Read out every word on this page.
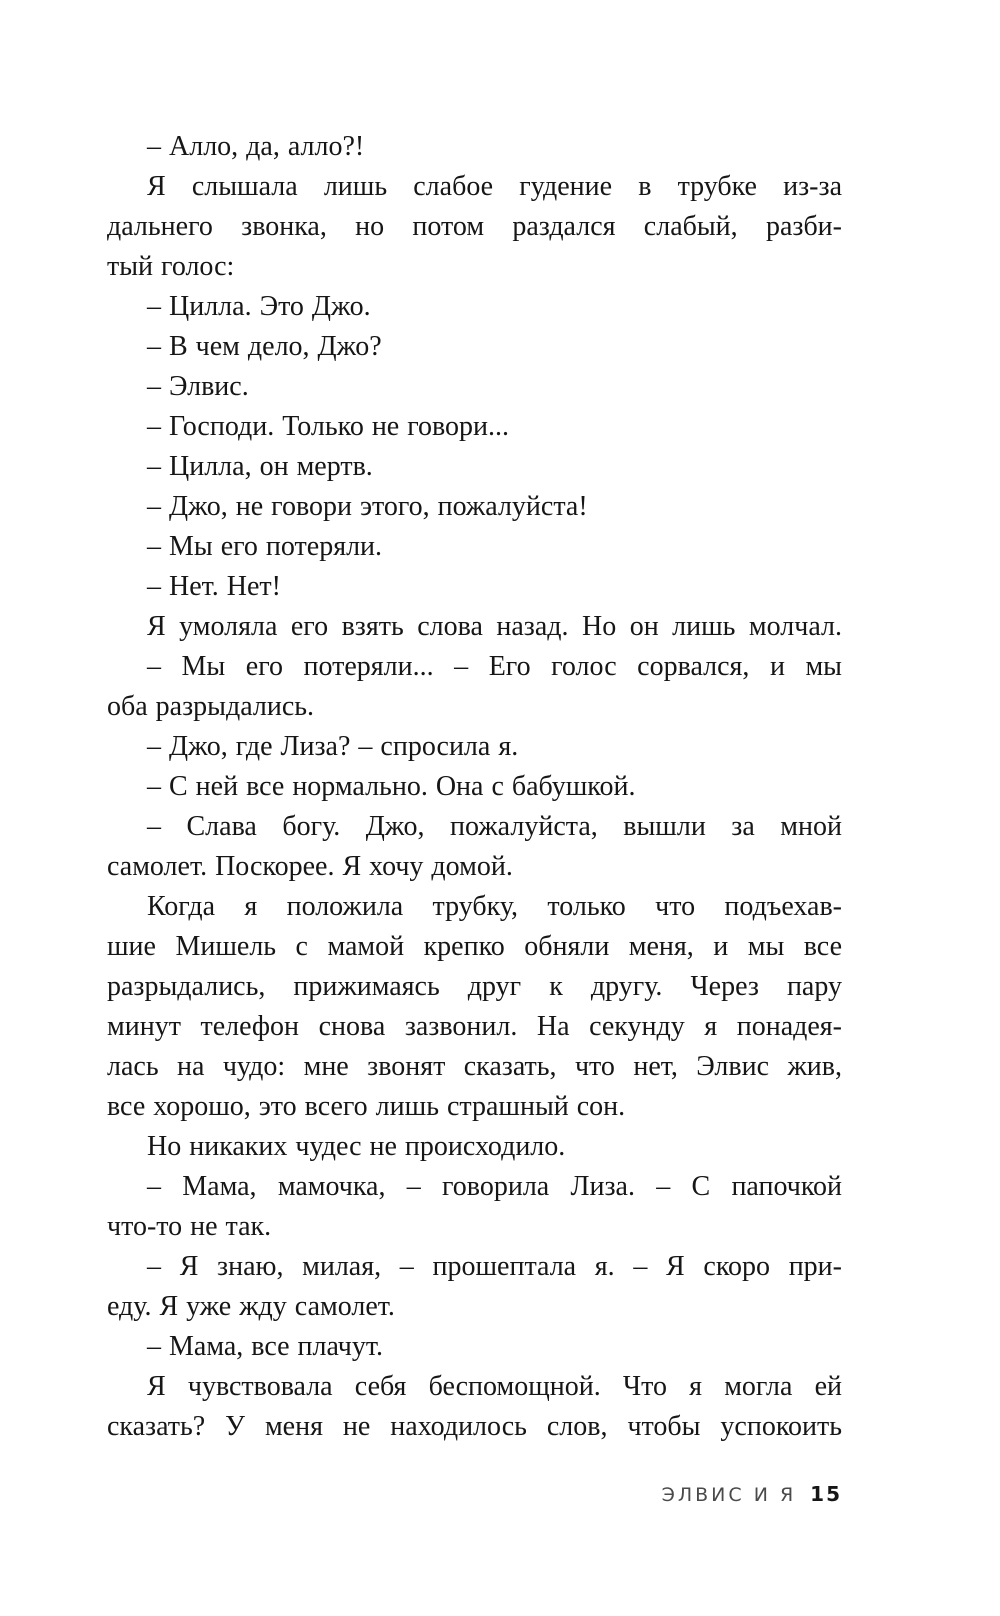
– Алло, да, алло?!
Я слышала лишь слабое гудение в трубке из-за
дальнего звонка, но потом раздался слабый, разби-
тый голос:
– Цилла. Это Джо.
– В чем дело, Джо?
– Элвис.
– Господи. Только не говори...
– Цилла, он мертв.
– Джо, не говори этого, пожалуйста!
– Мы его потеряли.
– Нет. Нет!
Я умоляла его взять слова назад. Но он лишь молчал.
– Мы его потеряли... – Его голос сорвался, и мы
оба разрыдались.
– Джо, где Лиза? – спросила я.
– С ней все нормально. Она с бабушкой.
– Слава богу. Джо, пожалуйста, вышли за мной
самолет. Поскорее. Я хочу домой.
Когда я положила трубку, только что подъехав-
шие Мишель с мамой крепко обняли меня, и мы все
разрыдались, прижимаясь друг к другу. Через пару
минут телефон снова зазвонил. На секунду я понадея-
лась на чудо: мне звонят сказать, что нет, Элвис жив,
все хорошо, это всего лишь страшный сон.
Но никаких чудес не происходило.
– Мама, мамочка, – говорила Лиза. – С папочкой
что-то не так.
– Я знаю, милая, – прошептала я. – Я скоро при-
еду. Я уже жду самолет.
– Мама, все плачут.
Я чувствовала себя беспомощной. Что я могла ей
сказать? У меня не находилось слов, чтобы успокоить
ЭЛВИС И Я 15
